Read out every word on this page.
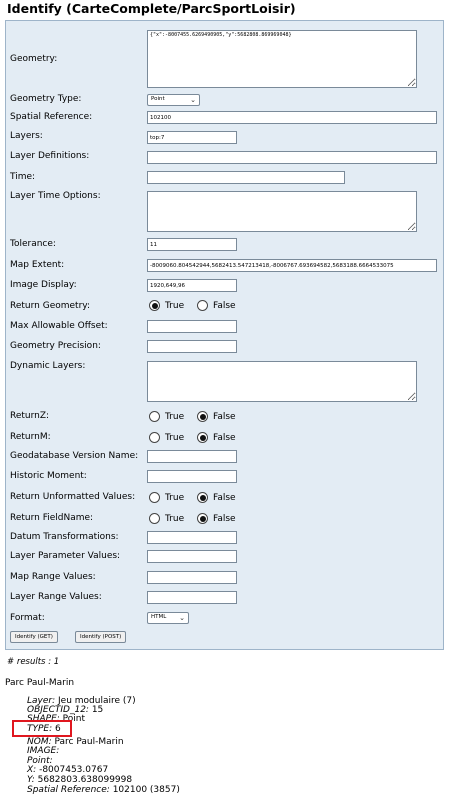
Identify (CarteComplete/ParcSportLoisir)
Geometry:
{"x":-8007455.6269490905,"y":5682808.869969048}
Geometry Type:	Point	⌄
Spatial Reference:
102100
Layers:
top:7
Layer Definitions:
Time:
Layer Time Options:
Tolerance:
11
Map Extent:
-8009060.804542944,5682413.547213418,-8006767.693694582,5683188.6664533075
Image Display:
1920,649,96
Return Geometry:	True	False
Max Allowable Offset:
Geometry Precision:
Dynamic Layers:
ReturnZ:	True	False
ReturnM:	True	False
Geodatabase Version Name:
Historic Moment:
Return Unformatted Values:	True	False
Return FieldName:	True	False
Datum Transformations:
Layer Parameter Values:
Map Range Values:
Layer Range Values:
Format:	HTML ⌄
Identify (GET)	Identify (POST)
# results : 1
Parc Paul-Marin
Layer: Jeu modulaire (7)
OBJECTID_12: 15
SHAPE: Point
TYPE: 6
NOM: Parc Paul-Marin
IMAGE:
Point:
X: -8007453.0767
Y: 5682803.638099998
Spatial Reference: 102100 (3857)
